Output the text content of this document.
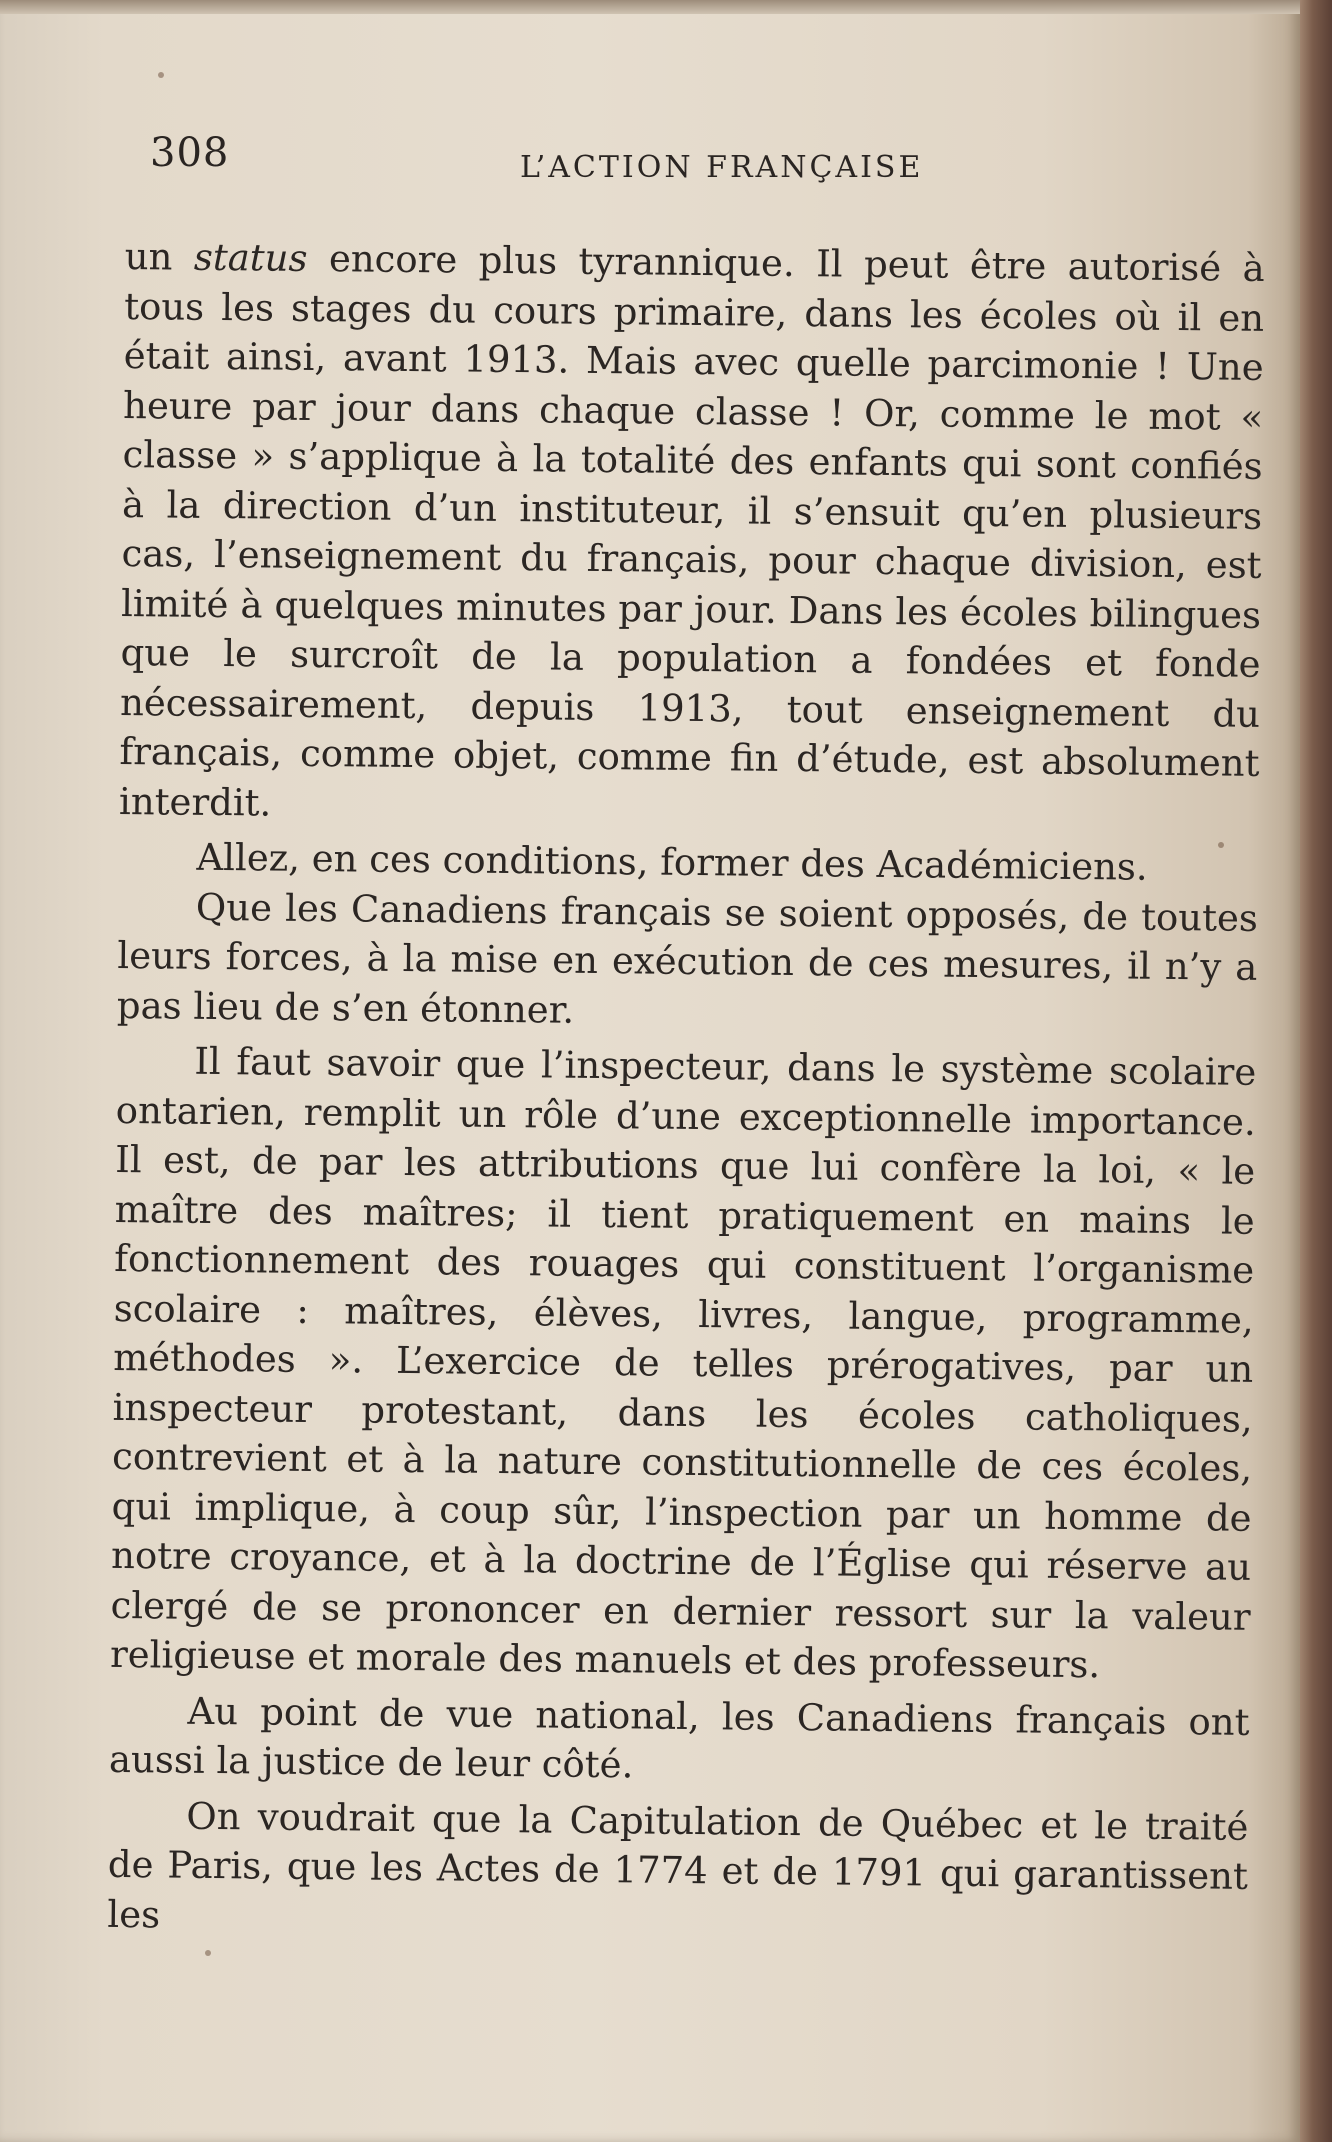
308	L’ACTION FRANÇAISE

un status encore plus tyrannique. Il peut être autorisé à tous les stages du cours primaire, dans les écoles où il en était ainsi, avant 1913. Mais avec quelle parcimonie ! Une heure par jour dans chaque classe ! Or, comme le mot « classe » s’applique à la totalité des enfants qui sont confiés à la direction d’un instituteur, il s’ensuit qu’en plusieurs cas, l’enseignement du français, pour chaque division, est limité à quelques minutes par jour. Dans les écoles bilingues que le surcroît de la population a fondées et fonde nécessairement, depuis 1913, tout enseignement du français, comme objet, comme fin d’étude, est absolument interdit.

Allez, en ces conditions, former des Académiciens.

Que les Canadiens français se soient opposés, de toutes leurs forces, à la mise en exécution de ces mesures, il n’y a pas lieu de s’en étonner.

Il faut savoir que l’inspecteur, dans le système scolaire ontarien, remplit un rôle d’une exceptionnelle importance. Il est, de par les attributions que lui confère la loi, « le maître des maîtres; il tient pratiquement en mains le fonctionnement des rouages qui constituent l’organisme scolaire : maîtres, élèves, livres, langue, programme, méthodes ». L’exercice de telles prérogatives, par un inspecteur protestant, dans les écoles catholiques, contrevient et à la nature constitutionnelle de ces écoles, qui implique, à coup sûr, l’inspection par un homme de notre croyance, et à la doctrine de l’Église qui réserve au clergé de se prononcer en dernier ressort sur la valeur religieuse et morale des manuels et des professeurs.

Au point de vue national, les Canadiens français ont aussi la justice de leur côté.

On voudrait que la Capitulation de Québec et le traité de Paris, que les Actes de 1774 et de 1791 qui garantissent les
